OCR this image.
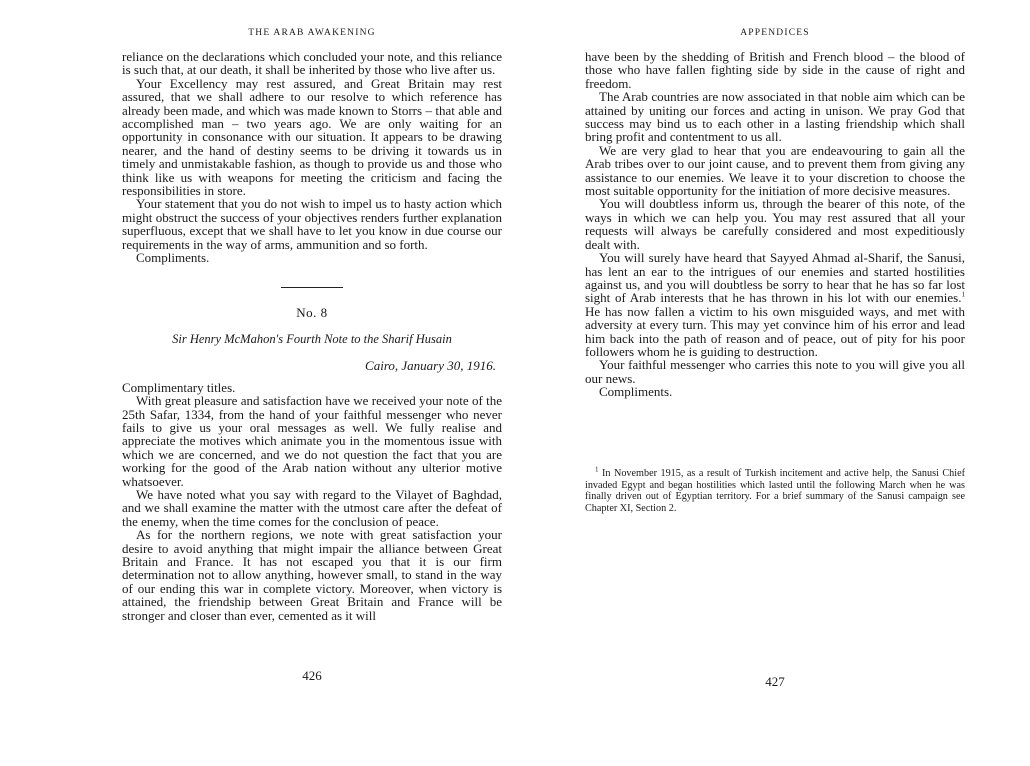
THE ARAB AWAKENING

reliance on the declarations which concluded your note, and this reliance is such that, at our death, it shall be inherited by those who live after us.

Your Excellency may rest assured, and Great Britain may rest assured, that we shall adhere to our resolve to which reference has already been made, and which was made known to Storrs – that able and accomplished man – two years ago. We are only waiting for an opportunity in consonance with our situation. It appears to be drawing nearer, and the hand of destiny seems to be driving it towards us in timely and unmistakable fashion, as though to provide us and those who think like us with weapons for meeting the criticism and facing the responsibilities in store.

Your statement that you do not wish to impel us to hasty action which might obstruct the success of your objectives renders further explanation superfluous, except that we shall have to let you know in due course our requirements in the way of arms, ammunition and so forth.

Compliments.

No. 8
Sir Henry McMahon's Fourth Note to the Sharif Husain
Cairo, January 30, 1916.

Complimentary titles.

With great pleasure and satisfaction have we received your note of the 25th Safar, 1334, from the hand of your faithful messenger who never fails to give us your oral messages as well. We fully realise and appreciate the motives which animate you in the momentous issue with which we are concerned, and we do not question the fact that you are working for the good of the Arab nation without any ulterior motive whatsoever.

We have noted what you say with regard to the Vilayet of Baghdad, and we shall examine the matter with the utmost care after the defeat of the enemy, when the time comes for the conclusion of peace.

As for the northern regions, we note with great satisfaction your desire to avoid anything that might impair the alliance between Great Britain and France. It has not escaped you that it is our firm determination not to allow anything, however small, to stand in the way of our ending this war in complete victory. Moreover, when victory is attained, the friendship between Great Britain and France will be stronger and closer than ever, cemented as it will

426
APPENDICES

have been by the shedding of British and French blood – the blood of those who have fallen fighting side by side in the cause of right and freedom.

The Arab countries are now associated in that noble aim which can be attained by uniting our forces and acting in unison. We pray God that success may bind us to each other in a lasting friendship which shall bring profit and contentment to us all.

We are very glad to hear that you are endeavouring to gain all the Arab tribes over to our joint cause, and to prevent them from giving any assistance to our enemies. We leave it to your discretion to choose the most suitable opportunity for the initiation of more decisive measures.

You will doubtless inform us, through the bearer of this note, of the ways in which we can help you. You may rest assured that all your requests will always be carefully considered and most expeditiously dealt with.

You will surely have heard that Sayyed Ahmad al-Sharif, the Sanusi, has lent an ear to the intrigues of our enemies and started hostilities against us, and you will doubtless be sorry to hear that he has so far lost sight of Arab interests that he has thrown in his lot with our enemies.$^1$ He has now fallen a victim to his own misguided ways, and met with adversity at every turn. This may yet convince him of his error and lead him back into the path of reason and of peace, out of pity for his poor followers whom he is guiding to destruction.

Your faithful messenger who carries this note to you will give you all our news.

Compliments.

$^1$ In November 1915, as a result of Turkish incitement and active help, the Sanusi Chief invaded Egypt and began hostilities which lasted until the following March when he was finally driven out of Egyptian territory. For a brief summary of the Sanusi campaign see Chapter XI, Section 2.

427
